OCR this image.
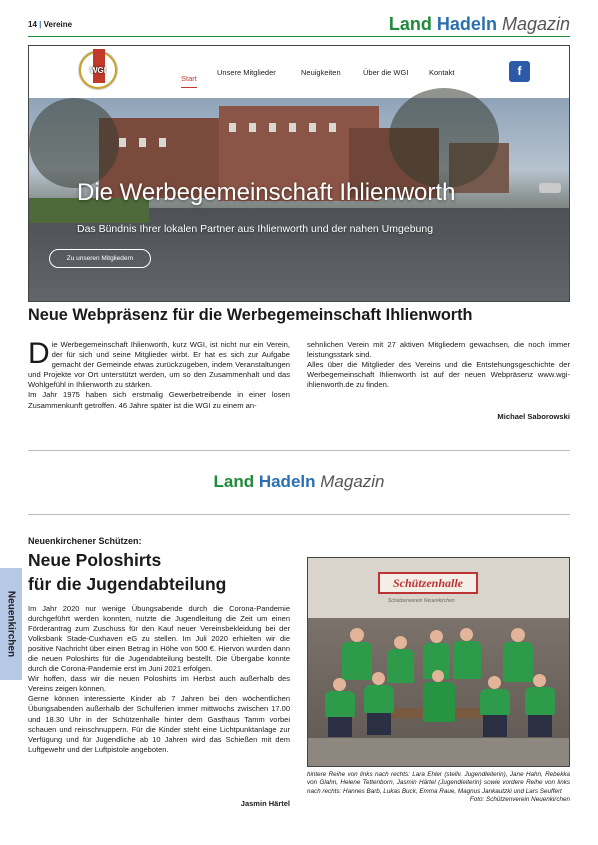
14 | Vereine	Land Hadeln Magazin
WGI
Start
Unsere Mitglieder	Neuigkeiten	Über die WGI	Kontakt	f
Die Werbegemeinschaft Ihlienworth
Das Bündnis Ihrer lokalen Partner aus Ihlienworth und der nahen Umgebung
Zu unseren Mitgliedern
Neue Webpräsenz für die Werbegemeinschaft Ihlienworth

Die Werbegemeinschaft Ihlienworth, kurz WGI, ist nicht nur ein Verein, der für sich und seine Mitglieder wirbt. Er hat es sich zur Aufgabe gemacht der Gemeinde etwas zurückzugeben, indem Veranstaltungen und Projekte vor Ort unterstützt werden, um so den Zusammenhalt und das Wohlgefühl in Ihlienworth zu stärken.

Im Jahr 1975 haben sich erstmalig Gewerbetreibende in einer losen Zusammenkunft getroffen. 46 Jahre später ist die WGI zu einem an-

sehnlichen Verein mit 27 aktiven Mitgliedern gewachsen, die noch immer leistungsstark sind.

Alles über die Mitglieder des Vereins und die Entstehungsgeschichte der Werbegemeinschaft Ihlienworth ist auf der neuen Webpräsenz www.wgi-ihlienworth.de zu finden.

Michael Saborowski
Land Hadeln Magazin
Neuenkirchener Schützen:
Neue Poloshirts
für die Jugendabteilung

Im Jahr 2020 nur wenige Übungsabende durch die Corona-Pandemie durchgeführt werden konnten, nutzte die Jugendleitung die Zeit um einen Förderantrag zum Zuschuss für den Kauf neuer Vereinsbekleidung bei der Volksbank Stade-Cuxhaven eG zu stellen. Im Juli 2020 erhielten wir die positive Nachricht über einen Betrag in Höhe von 500 €. Hiervon wurden dann die neuen Poloshirts für die Jugendabteilung bestellt. Die Übergabe konnte durch die Corona-Pandemie erst im Juni 2021 erfolgen.

Wir hoffen, dass wir die neuen Poloshirts im Herbst auch außerhalb des Vereins zeigen können.

Gerne können interessierte Kinder ab 7 Jahren bei den wöchentlichen Übungsabenden außerhalb der Schulferien immer mittwochs zwischen 17.00 und 18.30 Uhr in der Schützenhalle hinter dem Gasthaus Tamm vorbei schauen und reinschnuppern. Für die Kinder steht eine Lichtpunktanlage zur Verfügung und für Jugendliche ab 10 Jahren wird das Schießen mit dem Luftgewehr und der Luftpistole angeboten.

Jasmin Härtel
Schützenhalle
Schützenverein Neuenkirchen
hintere Reihe von links nach rechts: Lara Ehler (stellv. Jugendleiterin), Jane Hahn, Rebekka von Glahn, Helene Tettenborn, Jasmin Härtel (Jugendleiterin) sowie vordere Reihe von links nach rechts: Hannes Barb, Lukas Buck, Emma Raue, Magnus Jankautzki und Lars Seuffert
Foto: Schützenverein Neuenkirchen
Neuenkirchen
